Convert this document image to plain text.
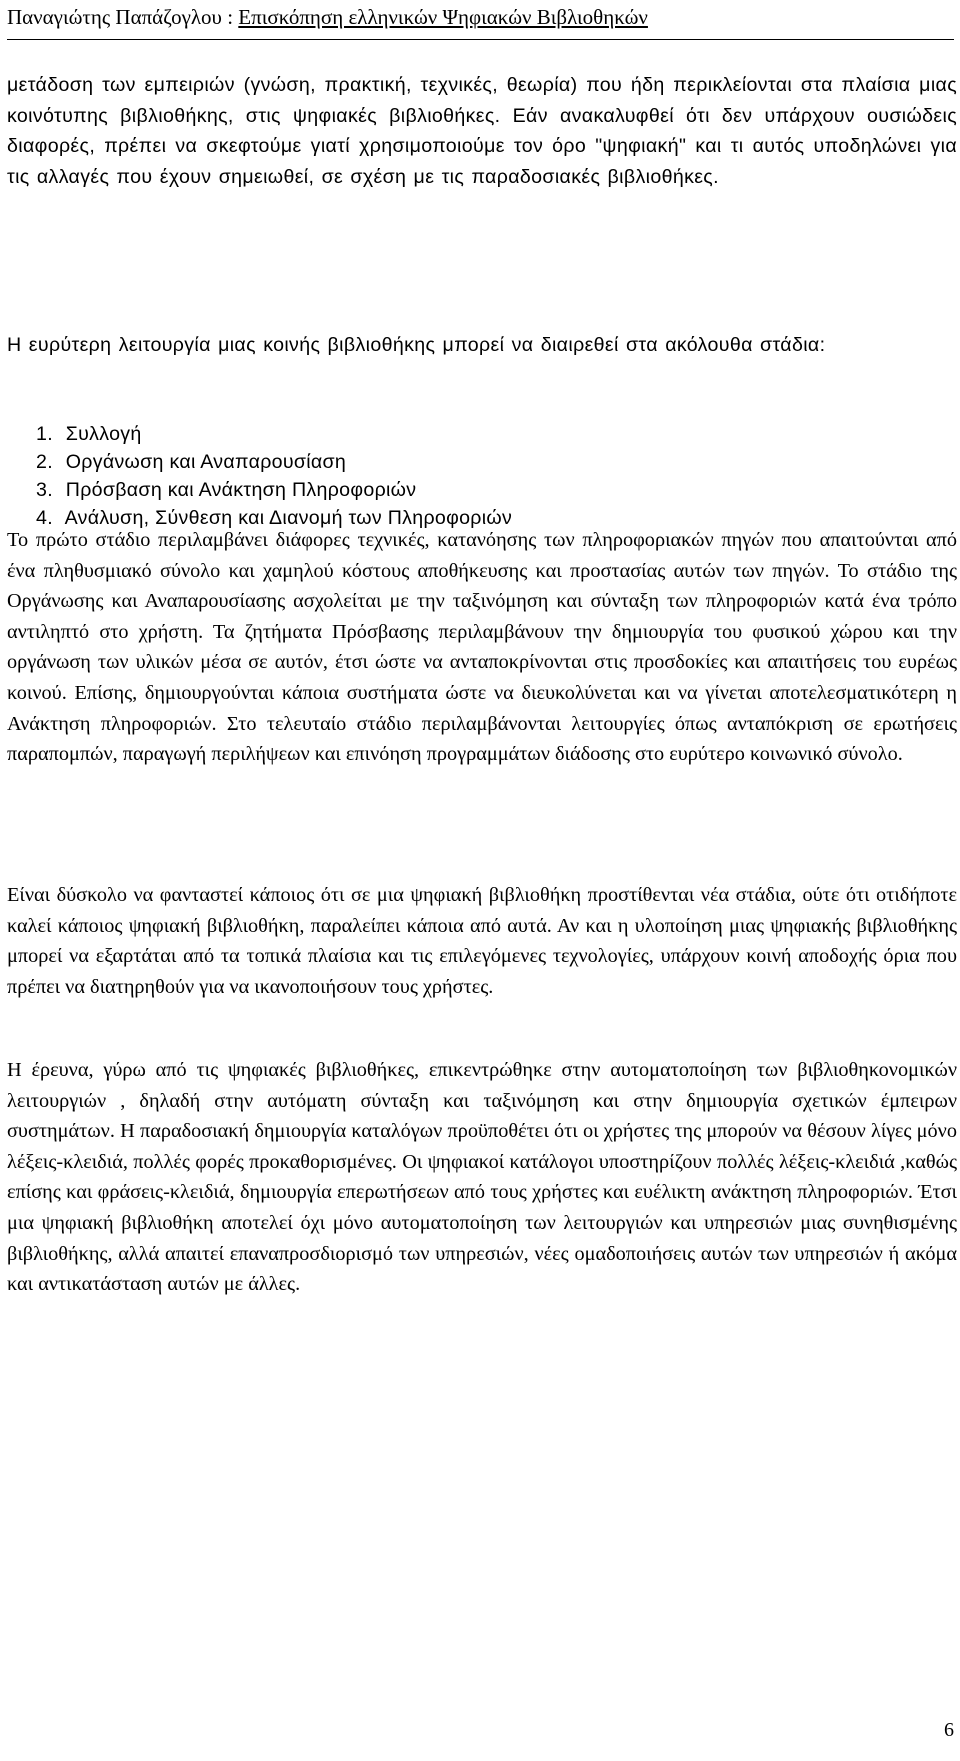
Παναγιώτης Παπάζογλου : Επισκόπηση ελληνικών Ψηφιακών Βιβλιοθηκών

μετάδοση των εμπειριών (γνώση, πρακτική, τεχνικές, θεωρία) που ήδη περικλείονται στα πλαίσια μιας κοινότυπης βιβλιοθήκης, στις ψηφιακές βιβλιοθήκες. Εάν ανακαλυφθεί ότι δεν υπάρχουν ουσιώδεις διαφορές, πρέπει να σκεφτούμε γιατί χρησιμοποιούμε τον όρο "ψηφιακή" και τι αυτός υποδηλώνει για τις αλλαγές που έχουν σημειωθεί, σε σχέση με τις παραδοσιακές βιβλιοθήκες.

Η ευρύτερη λειτουργία μιας κοινής βιβλιοθήκης μπορεί να διαιρεθεί στα ακόλουθα στάδια:

1. Συλλογή
2. Οργάνωση και Αναπαρουσίαση
3. Πρόσβαση και Ανάκτηση Πληροφοριών
4. Ανάλυση, Σύνθεση και Διανομή των Πληροφοριών

Το πρώτο στάδιο περιλαμβάνει διάφορες τεχνικές, κατανόησης των πληροφοριακών πηγών που απαιτούνται από ένα πληθυσμιακό σύνολο και χαμηλού κόστους αποθήκευσης και προστασίας αυτών των πηγών. Το στάδιο της Οργάνωσης και Αναπαρουσίασης ασχολείται με την ταξινόμηση και σύνταξη των πληροφοριών κατά ένα τρόπο αντιληπτό στο χρήστη. Τα ζητήματα Πρόσβασης περιλαμβάνουν την δημιουργία του φυσικού χώρου και την οργάνωση των υλικών μέσα σε αυτόν, έτσι ώστε να ανταποκρίνονται στις προσδοκίες και απαιτήσεις του ευρέως κοινού. Επίσης, δημιουργούνται κάποια συστήματα ώστε να διευκολύνεται και να γίνεται αποτελεσματικότερη η Ανάκτηση πληροφοριών. Στο τελευταίο στάδιο περιλαμβάνονται λειτουργίες όπως ανταπόκριση σε ερωτήσεις παραπομπών, παραγωγή περιλήψεων και επινόηση προγραμμάτων διάδοσης στο ευρύτερο κοινωνικό σύνολο.

Είναι δύσκολο να φανταστεί κάποιος ότι σε μια ψηφιακή βιβλιοθήκη προστίθενται νέα στάδια, ούτε ότι οτιδήποτε καλεί κάποιος ψηφιακή βιβλιοθήκη, παραλείπει κάποια από αυτά. Αν και η υλοποίηση μιας ψηφιακής βιβλιοθήκης μπορεί να εξαρτάται από τα τοπικά πλαίσια και τις επιλεγόμενες τεχνολογίες, υπάρχουν κοινή αποδοχής όρια που πρέπει να διατηρηθούν για να ικανοποιήσουν τους χρήστες.

Η έρευνα, γύρω από τις ψηφιακές βιβλιοθήκες, επικεντρώθηκε στην αυτοματοποίηση των βιβλιοθηκονομικών λειτουργιών , δηλαδή στην αυτόματη σύνταξη και ταξινόμηση και στην δημιουργία σχετικών έμπειρων συστημάτων. Η παραδοσιακή δημιουργία καταλόγων προϋποθέτει ότι οι χρήστες της μπορούν να θέσουν λίγες μόνο λέξεις-κλειδιά, πολλές φορές προκαθορισμένες. Οι ψηφιακοί κατάλογοι υποστηρίζουν πολλές λέξεις-κλειδιά ,καθώς επίσης και φράσεις-κλειδιά, δημιουργία επερωτήσεων από τους χρήστες και ευέλικτη ανάκτηση πληροφοριών. Έτσι μια ψηφιακή βιβλιοθήκη αποτελεί όχι μόνο αυτοματοποίηση των λειτουργιών και υπηρεσιών μιας συνηθισμένης βιβλιοθήκης, αλλά απαιτεί επαναπροσδιορισμό των υπηρεσιών, νέες ομαδοποιήσεις αυτών των υπηρεσιών ή ακόμα και αντικατάσταση αυτών με άλλες.

6
